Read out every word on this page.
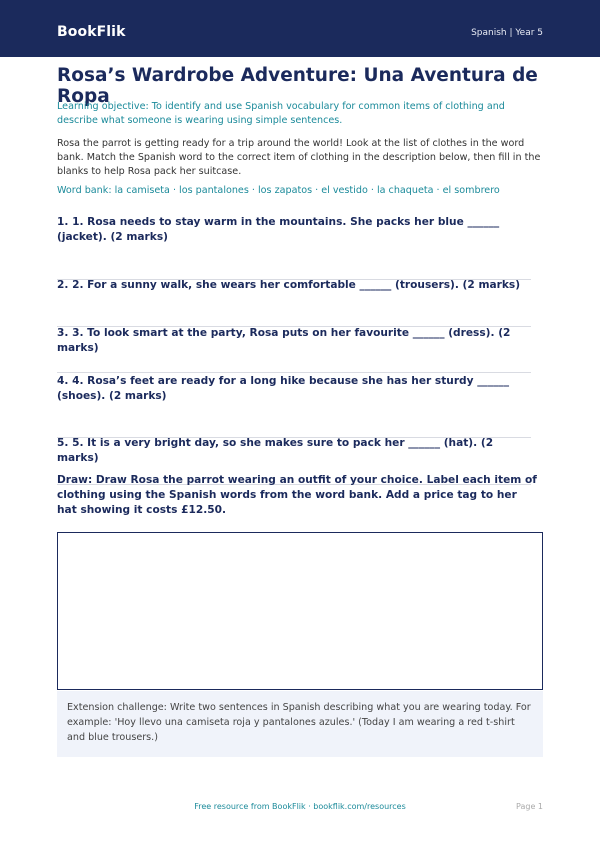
BookFlik	Spanish | Year 5
Rosa’s Wardrobe Adventure: Una Aventura de Ropa
Learning objective: To identify and use Spanish vocabulary for common items of clothing and describe what someone is wearing using simple sentences.
Rosa the parrot is getting ready for a trip around the world! Look at the list of clothes in the word bank. Match the Spanish word to the correct item of clothing in the description below, then fill in the blanks to help Rosa pack her suitcase.
Word bank: la camiseta · los pantalones · los zapatos · el vestido · la chaqueta · el sombrero
1. 1. Rosa needs to stay warm in the mountains. She packs her blue ______ (jacket). (2 marks)
2. 2. For a sunny walk, she wears her comfortable ______ (trousers). (2 marks)
3. 3. To look smart at the party, Rosa puts on her favourite ______ (dress). (2 marks)
4. 4. Rosa’s feet are ready for a long hike because she has her sturdy ______ (shoes). (2 marks)
5. 5. It is a very bright day, so she makes sure to pack her ______ (hat). (2 marks)
Draw: Draw Rosa the parrot wearing an outfit of your choice. Label each item of clothing using the Spanish words from the word bank. Add a price tag to her hat showing it costs £12.50.
Extension challenge: Write two sentences in Spanish describing what you are wearing today. For example: 'Hoy llevo una camiseta roja y pantalones azules.' (Today I am wearing a red t-shirt and blue trousers.)
Free resource from BookFlik · bookflik.com/resources	Page 1
